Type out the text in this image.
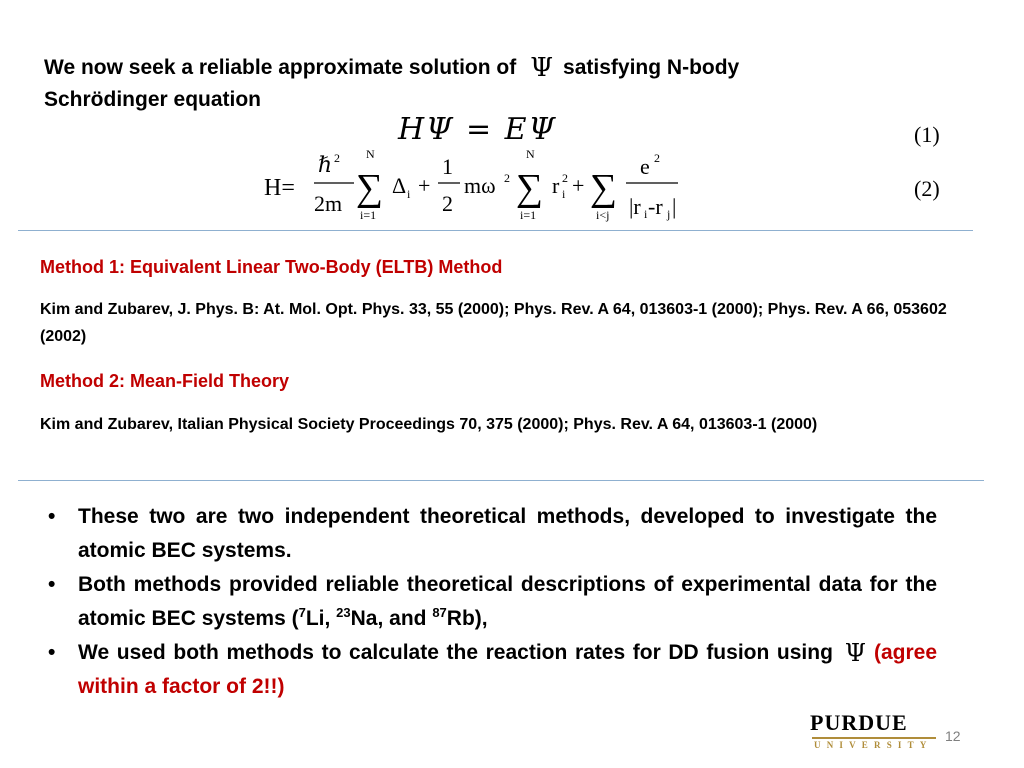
We now seek a reliable approximate solution of Ψ satisfying N-body
Schrödinger equation
HΨ = EΨ	(1)
H=
ℏ 2
2m
N
∑
i=1
Δ i +
1
2
mω 2
N
∑
i=1
r 2
i + ∑
i<j
e 2
|r i -r j |
(2)
Method 1: Equivalent Linear Two-Body (ELTB) Method
Kim and Zubarev, J. Phys. B: At. Mol. Opt. Phys. 33, 55 (2000); Phys. Rev. A 64, 013603-1 (2000); Phys. Rev. A 66, 053602 (2002)
Method 2: Mean-Field Theory
Kim and Zubarev, Italian Physical Society Proceedings 70, 375 (2000); Phys. Rev. A 64, 013603-1 (2000)
• These two are two independent theoretical methods, developed to investigate the atomic BEC systems.
• Both methods provided reliable theoretical descriptions of experimental data for the atomic BEC systems ($^7$Li, $^{23}$Na, and $^{87}$Rb),
• We used both methods to calculate the reaction rates for DD fusion using Ψ (agree within a factor of 2!!)
PURDUE
UNIVERSITY
12
